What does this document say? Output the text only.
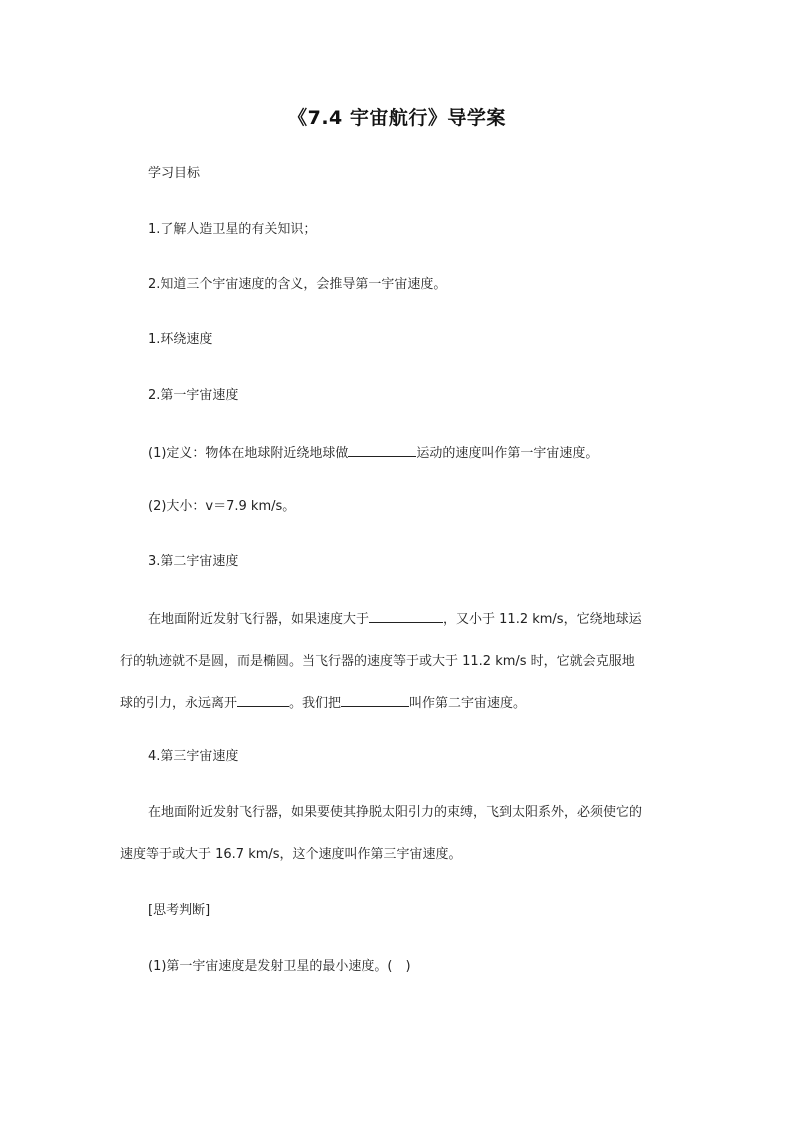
《7.4 宇宙航行》导学案
学习目标
1.了解人造卫星的有关知识；
2.知道三个宇宙速度的含义，会推导第一宇宙速度。
1.环绕速度
2.第一宇宙速度
(1)定义：物体在地球附近绕地球做	运动的速度叫作第一宇宙速度。
(2)大小：v＝7.9 km/s。
3.第二宇宙速度
在地面附近发射飞行器，如果速度大于	，又小于 11.2 km/s，它绕地球运
行的轨迹就不是圆，而是椭圆。当飞行器的速度等于或大于 11.2 km/s 时，它就会克服地
球的引力，永远离开	。我们把	叫作第二宇宙速度。
4.第三宇宙速度
在地面附近发射飞行器，如果要使其挣脱太阳引力的束缚，飞到太阳系外，必须使它的
速度等于或大于 16.7 km/s，这个速度叫作第三宇宙速度。
[思考判断]
(1)第一宇宙速度是发射卫星的最小速度。(　)
